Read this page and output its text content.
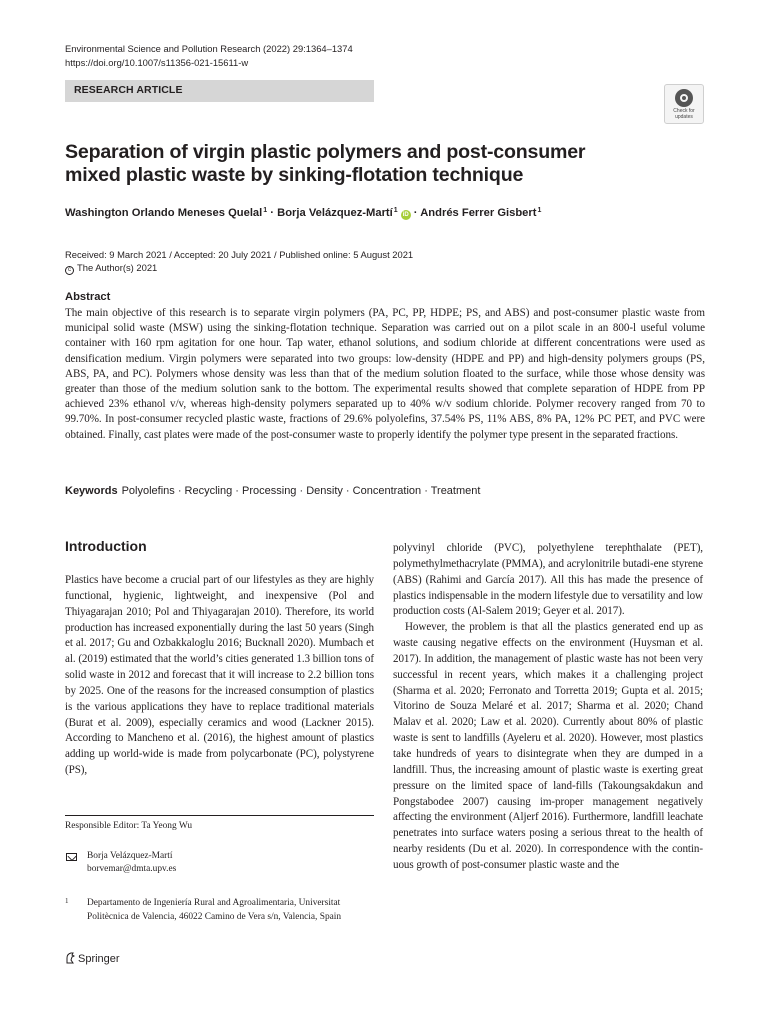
Environmental Science and Pollution Research (2022) 29:1364–1374
https://doi.org/10.1007/s11356-021-15611-w
RESEARCH ARTICLE
Check for updates
Separation of virgin plastic polymers and post-consumer mixed plastic waste by sinking-flotation technique
Washington Orlando Meneses Quelal$^1$ · Borja Velázquez-Martí$^1$iD · Andrés Ferrer Gisbert$^1$
Received: 9 March 2021 / Accepted: 20 July 2021 / Published online: 5 August 2021
c The Author(s) 2021
Abstract
The main objective of this research is to separate virgin polymers (PA, PC, PP, HDPE; PS, and ABS) and post-consumer plastic waste from municipal solid waste (MSW) using the sinking-flotation technique. Separation was carried out on a pilot scale in an 800-l useful volume container with 160 rpm agitation for one hour. Tap water, ethanol solutions, and sodium chloride at different concentrations were used as densification medium. Virgin polymers were separated into two groups: low-density (HDPE and PP) and high-density polymers groups (PS, ABS, PA, and PC). Polymers whose density was less than that of the medium solution floated to the surface, while those whose density was greater than those of the medium solution sank to the bottom. The experimental results showed that complete separation of HDPE from PP achieved 23% ethanol v/v, whereas high-density polymers separated up to 40% w/v sodium chloride. Polymer recovery ranged from 70 to 99.70%. In post-consumer recycled plastic waste, fractions of 29.6% polyolefins, 37.54% PS, 11% ABS, 8% PA, 12% PC PET, and PVC were obtained. Finally, cast plates were made of the post-consumer waste to properly identify the polymer type present in the separated fractions.
Keywords Polyolefins · Recycling · Processing · Density · Concentration · Treatment
Introduction

Plastics have become a crucial part of our lifestyles as they are highly functional, hygienic, lightweight, and inexpensive (Pol and Thiyagarajan 2010; Pol and Thiyagarajan 2010). Therefore, its world production has increased exponentially during the last 50 years (Singh et al. 2017; Gu and Ozbakkaloglu 2016; Bucknall 2020). Mumbach et al. (2019) estimated that the world’s cities generated 1.3 billion tons of solid waste in 2012 and forecast that it will increase to 2.2 billion tons by 2025. One of the reasons for the increased consumption of plastics is the various applications they have to replace traditional materials (Burat et al. 2009), especially ceramics and wood (Lackner 2015). According to Mancheno et al. (2016), the highest amount of plastics adding up world-wide is made from polycarbonate (PC), polystyrene (PS),

polyvinyl chloride (PVC), polyethylene terephthalate (PET), polymethylmethacrylate (PMMA), and acrylonitrile butadi-ene styrene (ABS) (Rahimi and García 2017). All this has made the presence of plastics indispensable in the modern lifestyle due to versatility and low production costs (Al-Salem 2019; Geyer et al. 2017).

However, the problem is that all the plastics generated end up as waste causing negative effects on the environment (Huysman et al. 2017). In addition, the management of plastic waste has not been very successful in recent years, which makes it a challenging project (Sharma et al. 2020; Ferronato and Torretta 2019; Gupta et al. 2015; Vitorino de Souza Melaré et al. 2017; Sharma et al. 2020; Chand Malav et al. 2020; Law et al. 2020). Currently about 80% of plastic waste is sent to landfills (Ayeleru et al. 2020). However, most plastics take hundreds of years to disintegrate when they are dumped in a landfill. Thus, the increasing amount of plastic waste is exerting great pressure on the limited space of land-fills (Takoungsakdakun and Pongstabodee 2007) causing im-proper management negatively affecting the environment (Aljerf 2016). Furthermore, landfill leachate penetrates into surface waters posing a serious threat to the health of nearby residents (Du et al. 2020). In correspondence with the contin-uous growth of post-consumer plastic waste and the

Responsible Editor: Ta Yeong Wu
Borja Velázquez-Martí
borvemar@dmta.upv.es
1 Departamento de Ingeniería Rural and Agroalimentaria, Universitat Politècnica de Valencia, 46022 Camino de Vera s/n, Valencia, Spain
Springer
